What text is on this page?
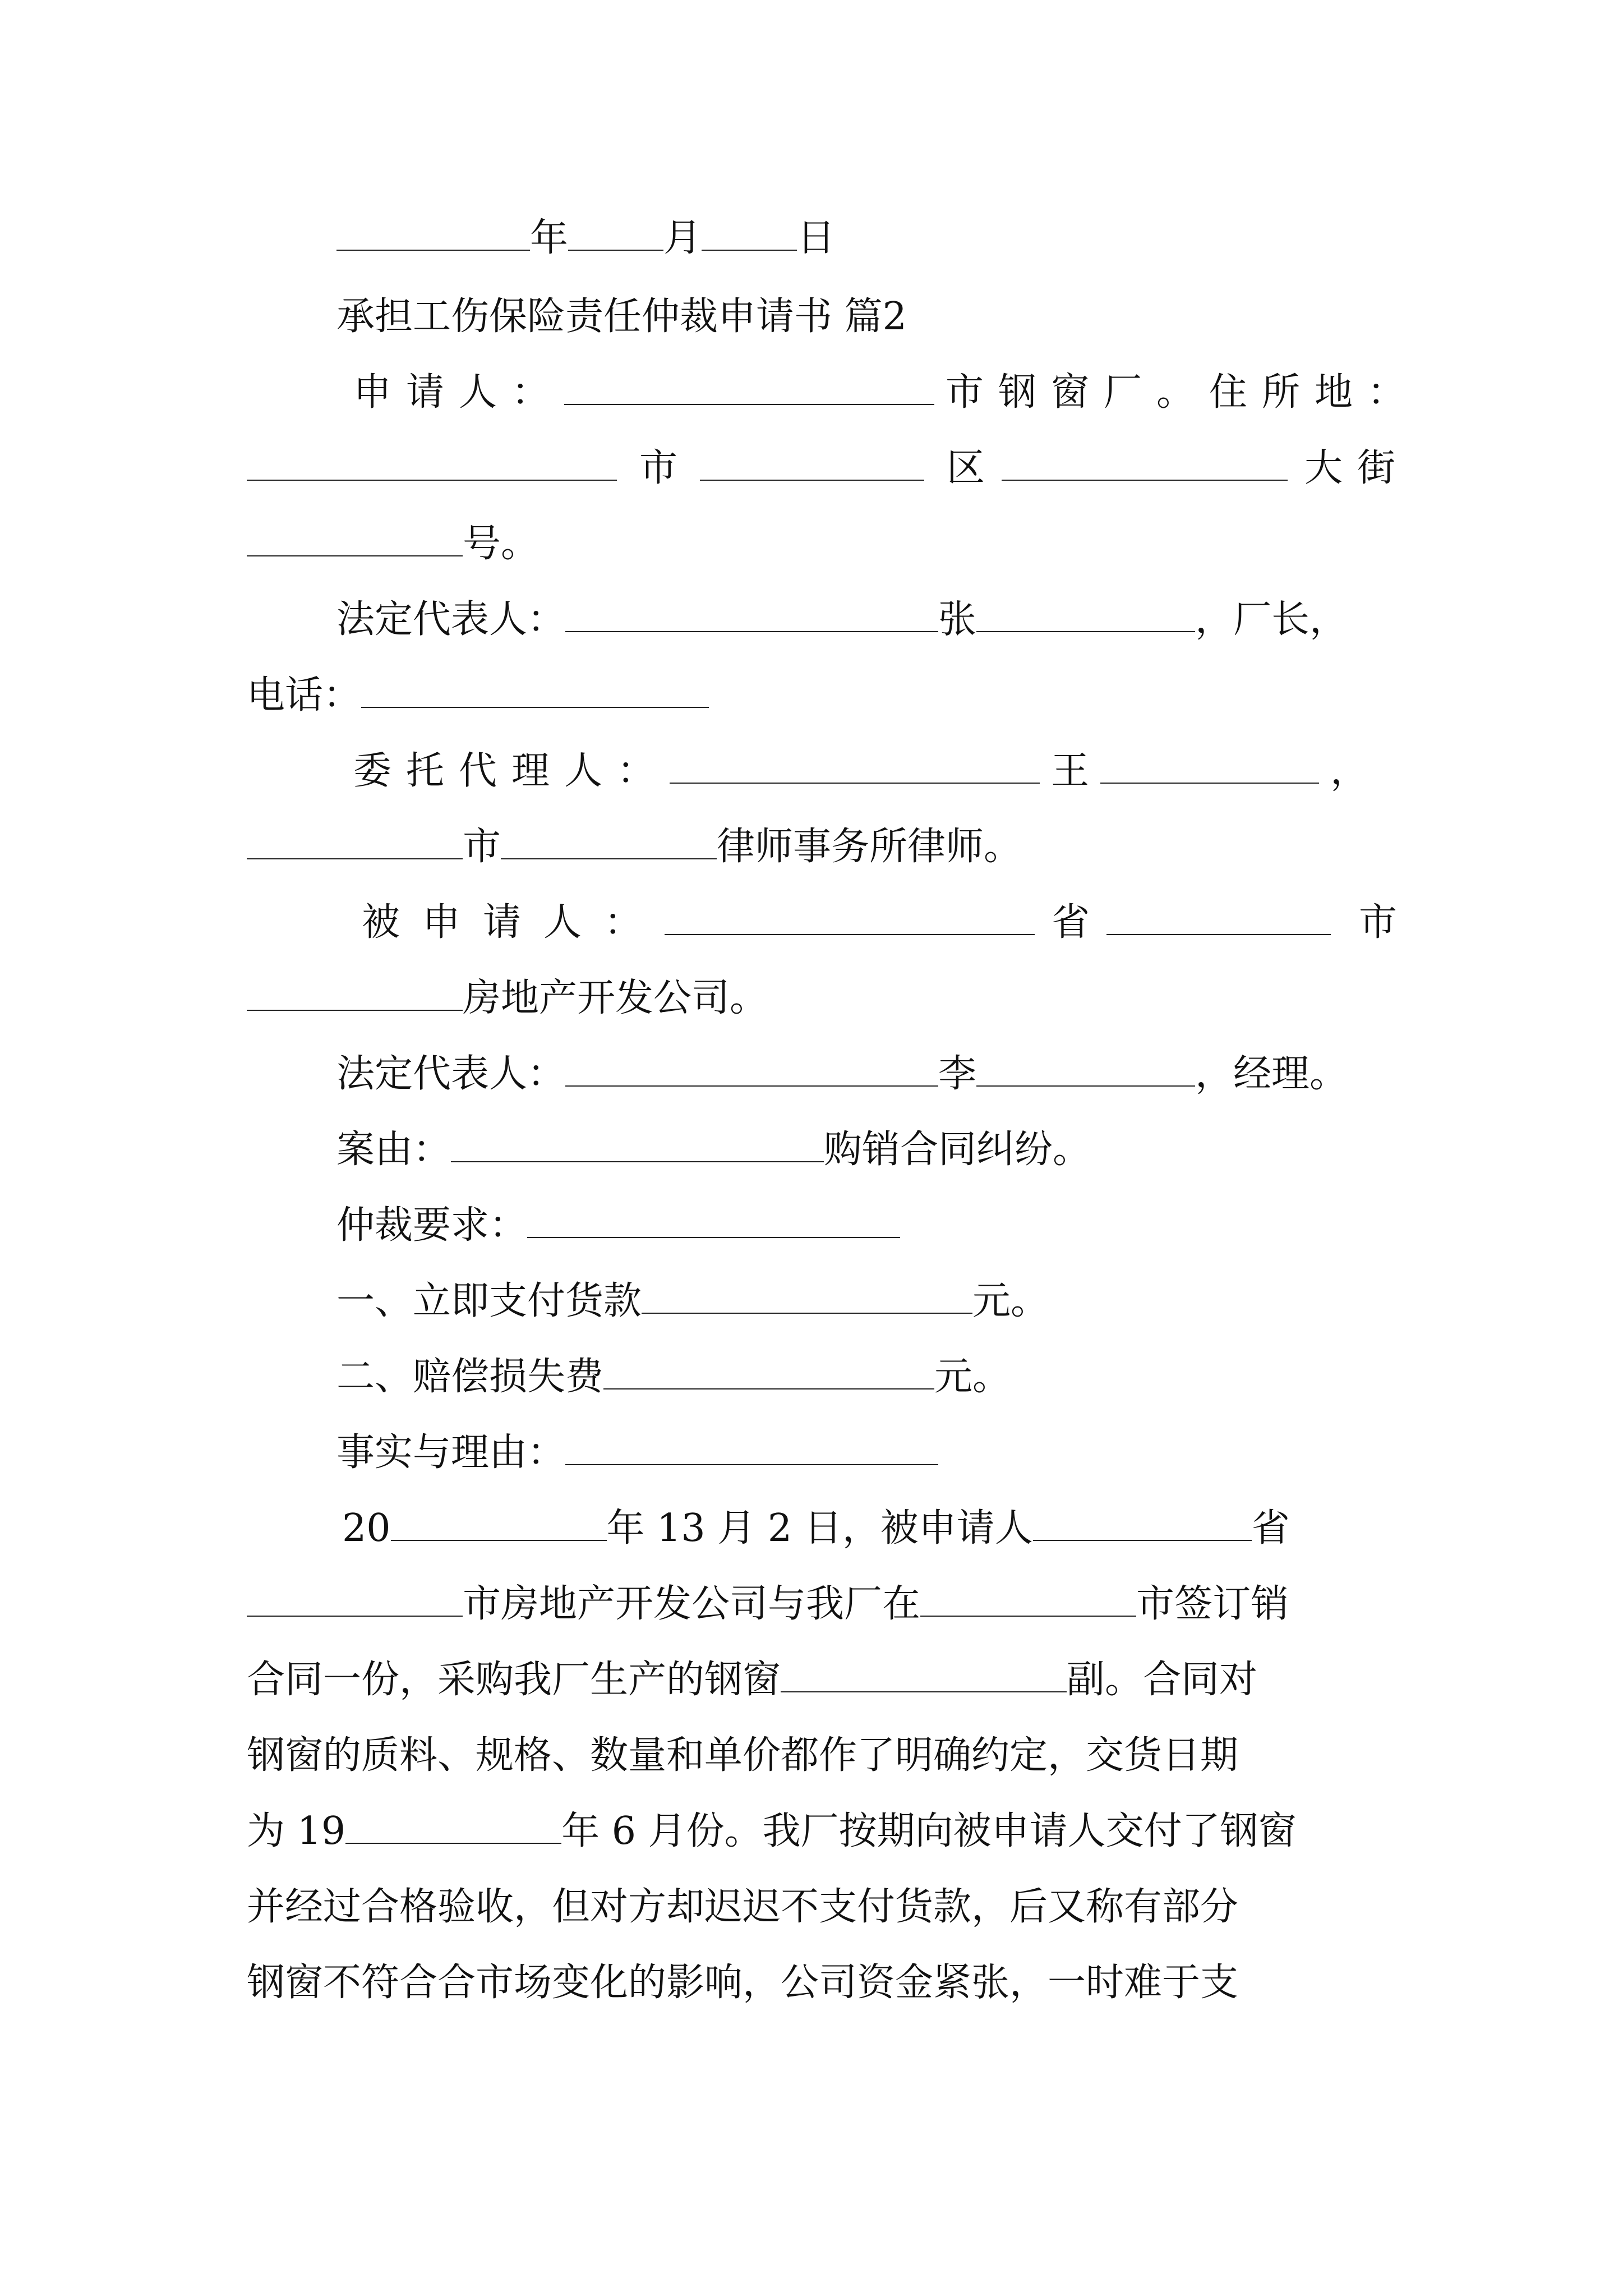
年	月	日

承担工伤保险责任仲裁申请书 篇2

申请人：	市钢窗厂。住所地：

市	区	大街

号。

法定代表人：	张	，厂长，

电话：

委托代理人：	王	，

市	律师事务所律师。

被申请人：	省	市

房地产开发公司。

法定代表人：	李	，经理。

案由：	购销合同纠纷。

仲裁要求：

一、立即支付货款	元。

二、赔偿损失费	元。

事实与理由：

20	年 13 月 2 日，被申请人	省

市房地产开发公司与我厂在	市签订销

合同一份，采购我厂生产的钢窗	副。合同对

钢窗的质料、规格、数量和单价都作了明确约定，交货日期

为 19	年 6 月份。我厂按期向被申请人交付了钢窗

并经过合格验收，但对方却迟迟不支付货款，后又称有部分

钢窗不符合合市场变化的影响，公司资金紧张，一时难于支
